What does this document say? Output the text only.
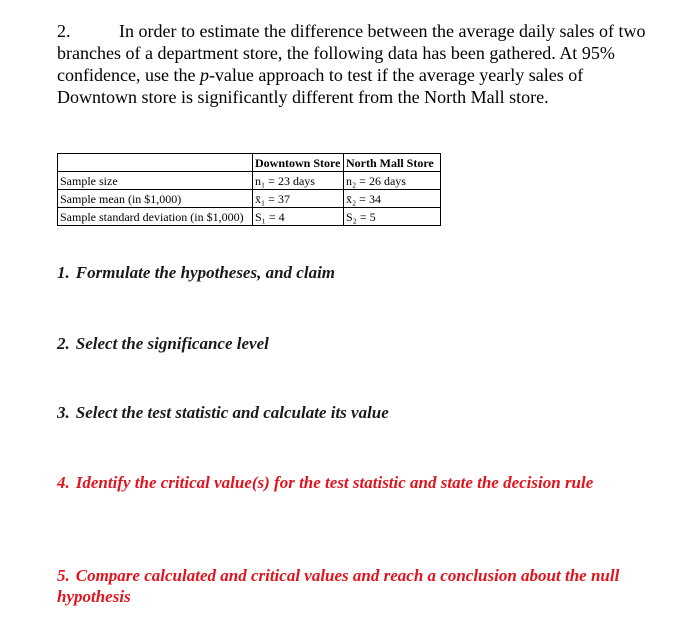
2.	In order to estimate the difference between the average daily sales of two branches of a department store, the following data has been gathered. At 95% confidence, use the p-value approach to test if the average yearly sales of Downtown store is significantly different from the North Mall store.
	Downtown Store	North Mall Store
Sample size	n₁ = 23 days	n₂ = 26 days
Sample mean (in $1,000)	x̄₁ = 37	x̄₂ = 34
Sample standard deviation (in $1,000)	S₁ = 4	S₂ = 5
1. Formulate the hypotheses, and claim
2. Select the significance level
3. Select the test statistic and calculate its value
4. Identify the critical value(s) for the test statistic and state the decision rule
5. Compare calculated and critical values and reach a conclusion about the null hypothesis
